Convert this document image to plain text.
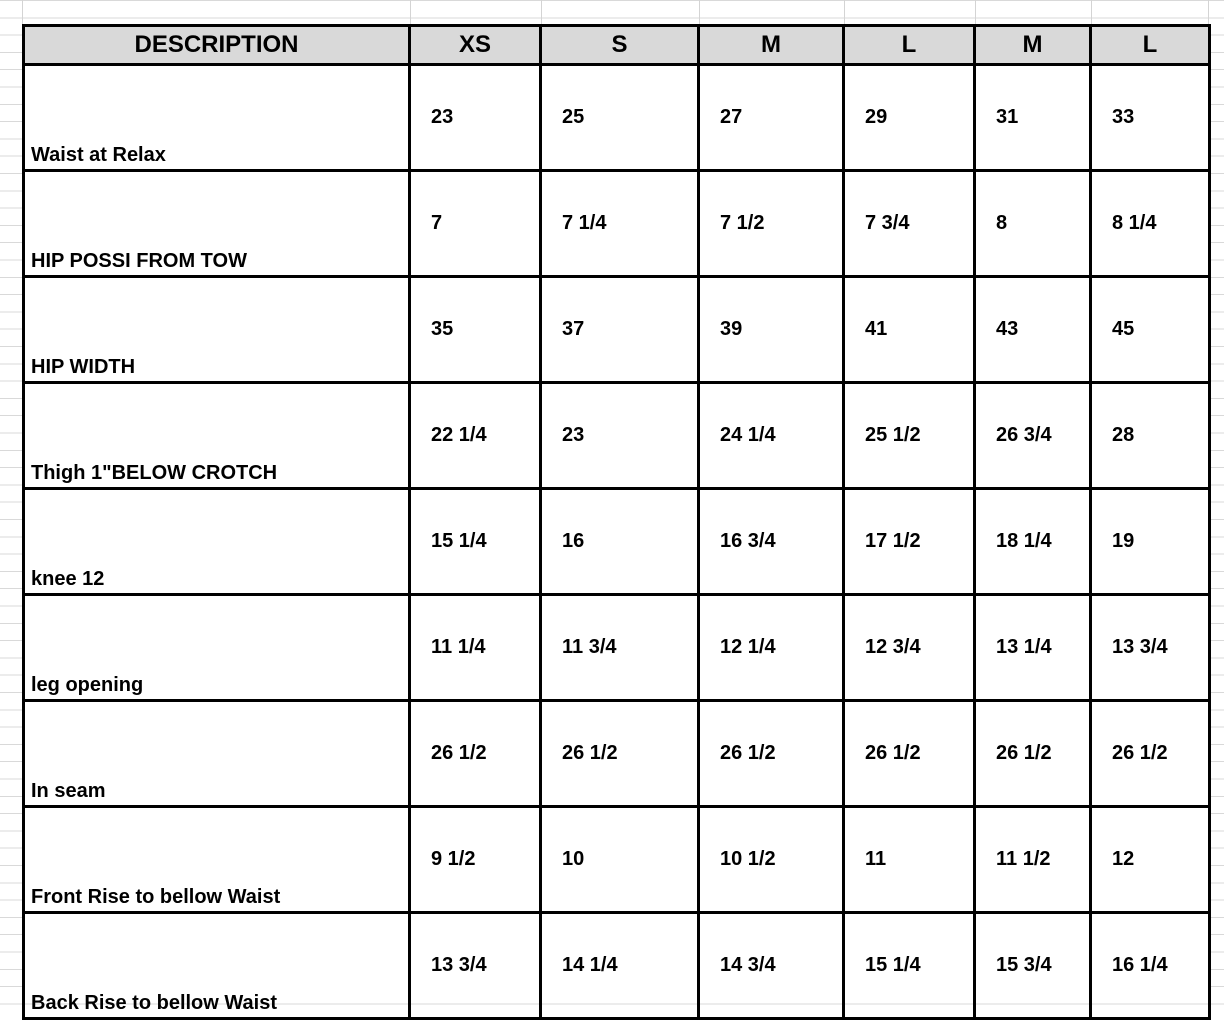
DESCRIPTION	XS	S	M	L	M	L
Waist at Relax	23	25	27	29	31	33
HIP POSSI FROM TOW	7	7 1/4	7 1/2	7 3/4	8	8 1/4
HIP WIDTH	35	37	39	41	43	45
Thigh 1"BELOW CROTCH	22 1/4	23	24 1/4	25 1/2	26 3/4	28
knee 12	15 1/4	16	16 3/4	17 1/2	18 1/4	19
leg opening	11 1/4	11 3/4	12 1/4	12 3/4	13 1/4	13 3/4
In seam	26 1/2	26 1/2	26 1/2	26 1/2	26 1/2	26 1/2
Front Rise to bellow Waist	9 1/2	10	10 1/2	11	11 1/2	12
Back Rise to bellow Waist	13 3/4	14 1/4	14 3/4	15 1/4	15 3/4	16 1/4
